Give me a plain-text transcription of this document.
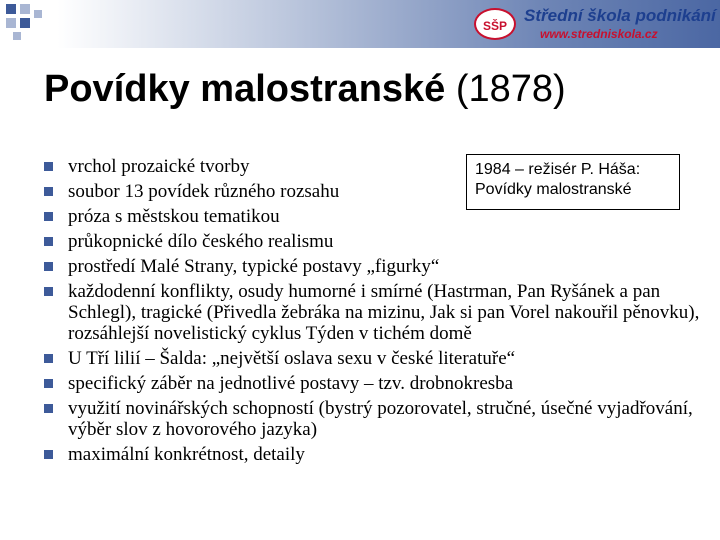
SŠP
Střední škola podnikání
www.stredniskola.cz
Povídky malostranské (1878)
vrchol prozaické tvorby
soubor 13 povídek různého rozsahu
próza s městskou tematikou
průkopnické dílo českého realismu
prostředí Malé Strany, typické postavy „figurky“
každodenní konflikty, osudy humorné i smírné (Hastrman, Pan Ryšánek a pan Schlegl), tragické (Přivedla žebráka na mizinu, Jak si pan Vorel nakouřil pěnovku), rozsáhlejší novelistický cyklus Týden v tichém domě
U Tří lilií – Šalda: „největší oslava sexu v české literatuře“
specifický záběr na jednotlivé postavy – tzv. drobnokresba
využití novinářských schopností (bystrý pozorovatel, stručné, úsečné vyjadřování, výběr slov z hovorového jazyka)
maximální konkrétnost, detaily
1984 – režisér P. Háša:
Povídky malostranské
